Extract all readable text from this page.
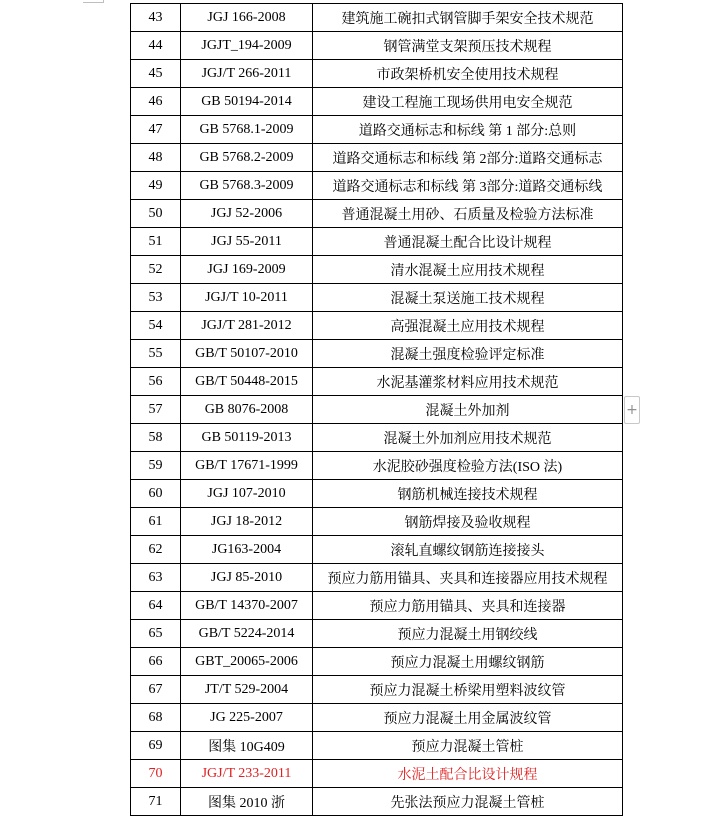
43	JGJ 166-2008	建筑施工碗扣式钢管脚手架安全技术规范
44	JGJT_194-2009	钢管满堂支架预压技术规程
45	JGJ/T 266-2011	市政架桥机安全使用技术规程
46	GB 50194-2014	建设工程施工现场供用电安全规范
47	GB 5768.1-2009	道路交通标志和标线 第 1 部分:总则
48	GB 5768.2-2009	道路交通标志和标线 第 2部分:道路交通标志
49	GB 5768.3-2009	道路交通标志和标线 第 3部分:道路交通标线
50	JGJ 52-2006	普通混凝土用砂、石质量及检验方法标准
51	JGJ 55-2011	普通混凝土配合比设计规程
52	JGJ 169-2009	清水混凝土应用技术规程
53	JGJ/T 10-2011	混凝土泵送施工技术规程
54	JGJ/T 281-2012	高强混凝土应用技术规程
55	GB/T 50107-2010	混凝土强度检验评定标准
56	GB/T 50448-2015	水泥基灌浆材料应用技术规范
57	GB 8076-2008	混凝土外加剂
58	GB 50119-2013	混凝土外加剂应用技术规范
59	GB/T 17671-1999	水泥胶砂强度检验方法(ISO 法)
60	JGJ 107-2010	钢筋机械连接技术规程
61	JGJ 18-2012	钢筋焊接及验收规程
62	JG163-2004	滚轧直螺纹钢筋连接接头
63	JGJ 85-2010	预应力筋用锚具、夹具和连接器应用技术规程
64	GB/T 14370-2007	预应力筋用锚具、夹具和连接器
65	GB/T 5224-2014	预应力混凝土用钢绞线
66	GBT_20065-2006	预应力混凝土用螺纹钢筋
67	JT/T 529-2004	预应力混凝土桥梁用塑料波纹管
68	JG 225-2007	预应力混凝土用金属波纹管
69	图集 10G409	预应力混凝土管桩
70	JGJ/T 233-2011	水泥土配合比设计规程
71	图集 2010 浙	先张法预应力混凝土管桩
+
